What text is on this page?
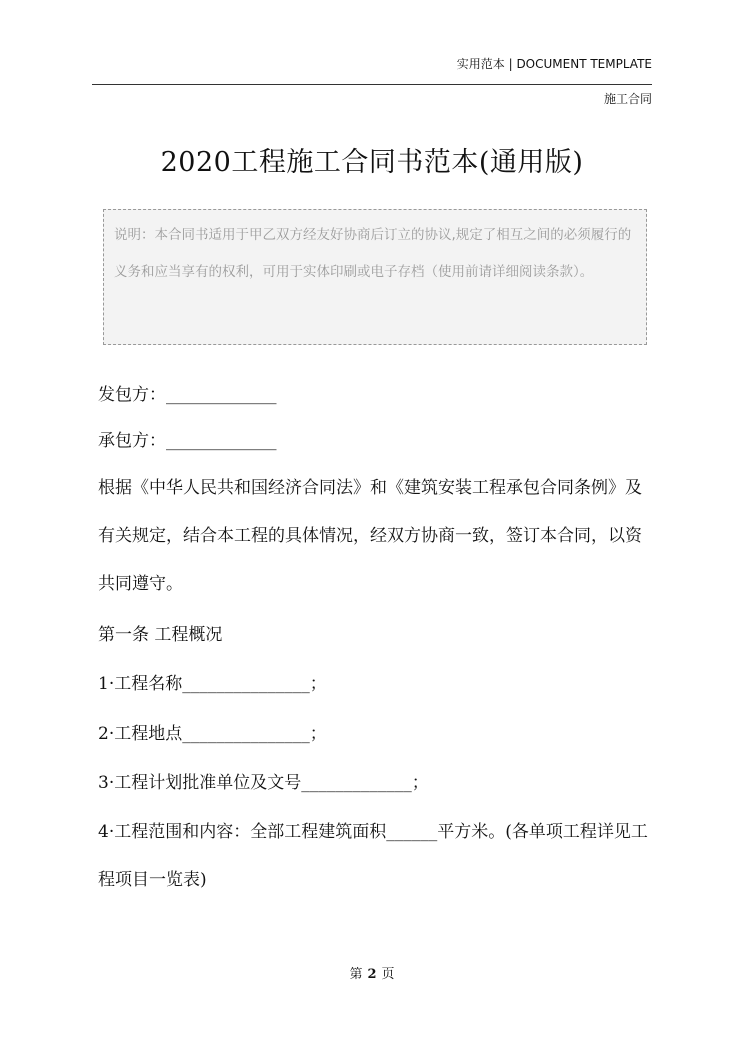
实用范本 | DOCUMENT TEMPLATE
施工合同
2020工程施工合同书范本(通用版)
说明：本合同书适用于甲乙双方经友好协商后订立的协议,规定了相互之间的必须履行的义务和应当享有的权利，可用于实体印刷或电子存档（使用前请详细阅读条款）。
发包方：_____________
承包方：_____________
根据《中华人民共和国经济合同法》和《建筑安装工程承包合同条例》及有关规定，结合本工程的具体情况，经双方协商一致，签订本合同，以资共同遵守。
第一条 工程概况
1·工程名称_______________；
2·工程地点_______________；
3·工程计划批准单位及文号_____________；
4·工程范围和内容：全部工程建筑面积______平方米。(各单项工程详见工程项目一览表)
第 2 页
